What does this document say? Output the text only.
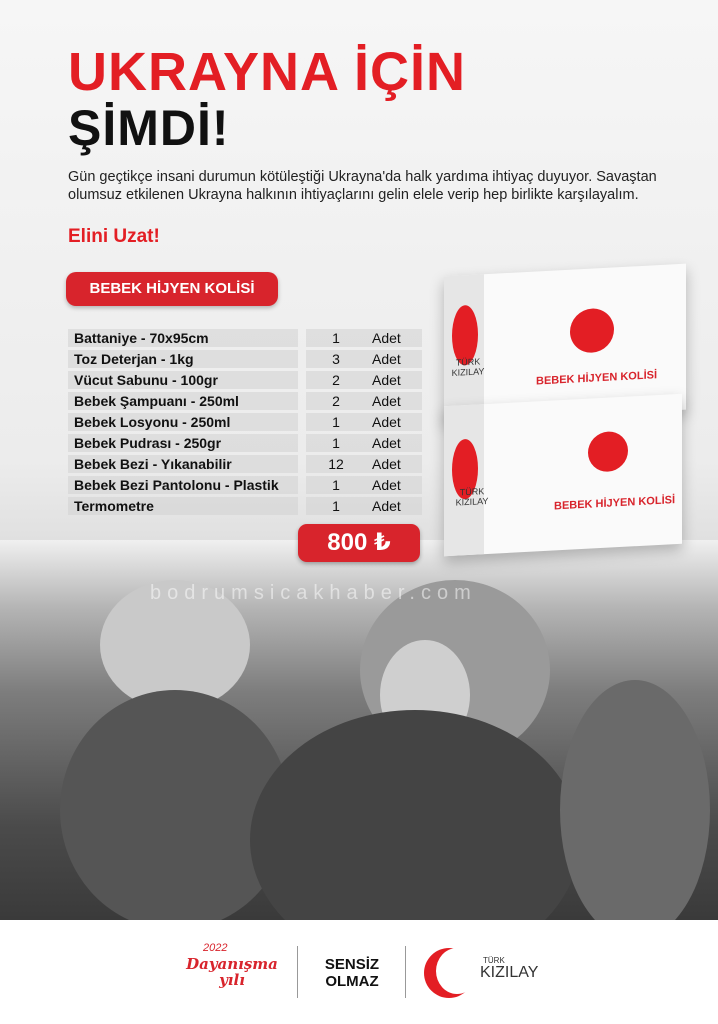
UKRAYNA İÇİN
ŞİMDİ!
Gün geçtikçe insani durumun kötüleştiği Ukrayna'da halk yardıma ihtiyaç duyuyor. Savaştan olumsuz etkilenen Ukrayna halkının ihtiyaçlarını gelin elele verip hep birlikte karşılayalım.
Elini Uzat!
BEBEK HİJYEN KOLİSİ
Battaniye - 70x95cm		1	Adet
Toz Deterjan - 1kg		3	Adet
Vücut Sabunu - 100gr		2	Adet
Bebek Şampuanı - 250ml		2	Adet
Bebek Losyonu - 250ml		1	Adet
Bebek Pudrası - 250gr		1	Adet
Bebek Bezi - Yıkanabilir		12	Adet
Bebek Bezi Pantolonu - Plastik		1	Adet
Termometre		1	Adet
800 ₺
TÜRK
KIZILAY	BEBEK HİJYEN KOLİSİ
TÜRK
KIZILAY	BEBEK HİJYEN KOLİSİ
bodrumsicakhaber.com
2022
Dayanışma
yılı
SENSİZ
OLMAZ
TÜRK
KIZILAY
